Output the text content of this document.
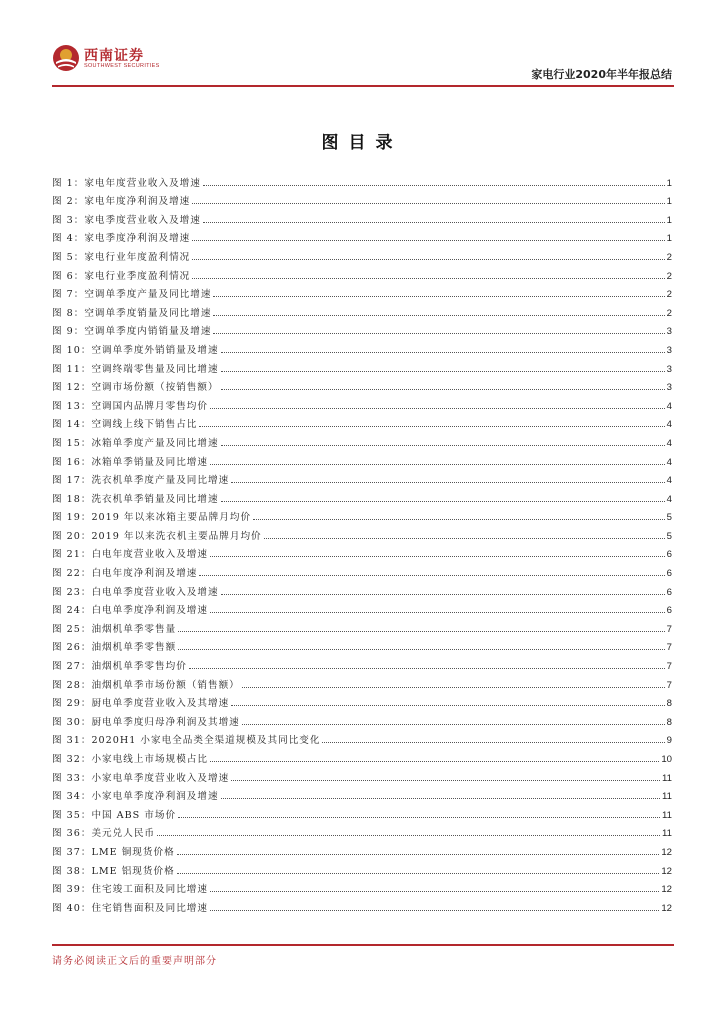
西南证券
SOUTHWEST SECURITIES
家电行业2020年半年报总结
图目录
图 1：家电年度营业收入及增速	1
图 2：家电年度净利润及增速	1
图 3：家电季度营业收入及增速	1
图 4：家电季度净利润及增速	1
图 5：家电行业年度盈利情况	2
图 6：家电行业季度盈利情况	2
图 7：空调单季度产量及同比增速	2
图 8：空调单季度销量及同比增速	2
图 9：空调单季度内销销量及增速	3
图 10：空调单季度外销销量及增速	3
图 11：空调终端零售量及同比增速	3
图 12：空调市场份额（按销售额）	3
图 13：空调国内品牌月零售均价	4
图 14：空调线上线下销售占比	4
图 15：冰箱单季度产量及同比增速	4
图 16：冰箱单季销量及同比增速	4
图 17：洗衣机单季度产量及同比增速	4
图 18：洗衣机单季销量及同比增速	4
图 19：2019 年以来冰箱主要品牌月均价	5
图 20：2019 年以来洗衣机主要品牌月均价	5
图 21：白电年度营业收入及增速	6
图 22：白电年度净利润及增速	6
图 23：白电单季度营业收入及增速	6
图 24：白电单季度净利润及增速	6
图 25：油烟机单季零售量	7
图 26：油烟机单季零售额	7
图 27：油烟机单季零售均价	7
图 28：油烟机单季市场份额（销售额）	7
图 29：厨电单季度营业收入及其增速	8
图 30：厨电单季度归母净利润及其增速	8
图 31：2020H1 小家电全品类全渠道规模及其同比变化	9
图 32：小家电线上市场规模占比	10
图 33：小家电单季度营业收入及增速	11
图 34：小家电单季度净利润及增速	11
图 35：中国 ABS 市场价	11
图 36：美元兑人民币	11
图 37：LME 铜现货价格	12
图 38：LME 铝现货价格	12
图 39：住宅竣工面积及同比增速	12
图 40：住宅销售面积及同比增速	12
请务必阅读正文后的重要声明部分
